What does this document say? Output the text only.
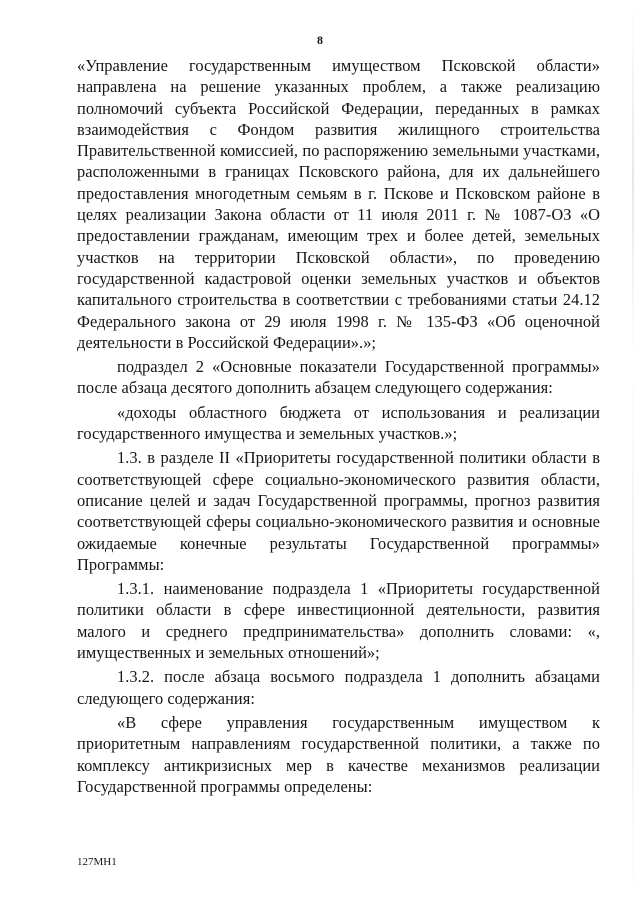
8

«Управление государственным имуществом Псковской области» направлена на решение указанных проблем, а также реализацию полномочий субъекта Российской Федерации, переданных в рамках взаимодействия с Фондом развития жилищного строительства Правительственной комиссией, по распоряжению земельными участками, расположенными в границах Псковского района, для их дальнейшего предоставления многодетным семьям в г. Пскове и Псковском районе в целях реализации Закона области от 11 июля 2011 г. № 1087-ОЗ «О предоставлении гражданам, имеющим трех и более детей, земельных участков на территории Псковской области», по проведению государственной кадастровой оценки земельных участков и объектов капитального строительства в соответствии с требованиями статьи 24.12 Федерального закона от 29 июля 1998 г. № 135-ФЗ «Об оценочной деятельности в Российской Федерации».»;

подраздел 2 «Основные показатели Государственной программы» после абзаца десятого дополнить абзацем следующего содержания:

«доходы областного бюджета от использования и реализации государственного имущества и земельных участков.»;

1.3. в разделе II «Приоритеты государственной политики области в соответствующей сфере социально-экономического развития области, описание целей и задач Государственной программы, прогноз развития соответствующей сферы социально-экономического развития и основные ожидаемые конечные результаты Государственной программы» Программы:

1.3.1. наименование подраздела 1 «Приоритеты государственной политики области в сфере инвестиционной деятельности, развития малого и среднего предпринимательства» дополнить словами: «, имущественных и земельных отношений»;

1.3.2. после абзаца восьмого подраздела 1 дополнить абзацами следующего содержания:

«В сфере управления государственным имуществом к приоритетным направлениям государственной политики, а также по комплексу антикризисных мер в качестве механизмов реализации Государственной программы определены:

127МН1
